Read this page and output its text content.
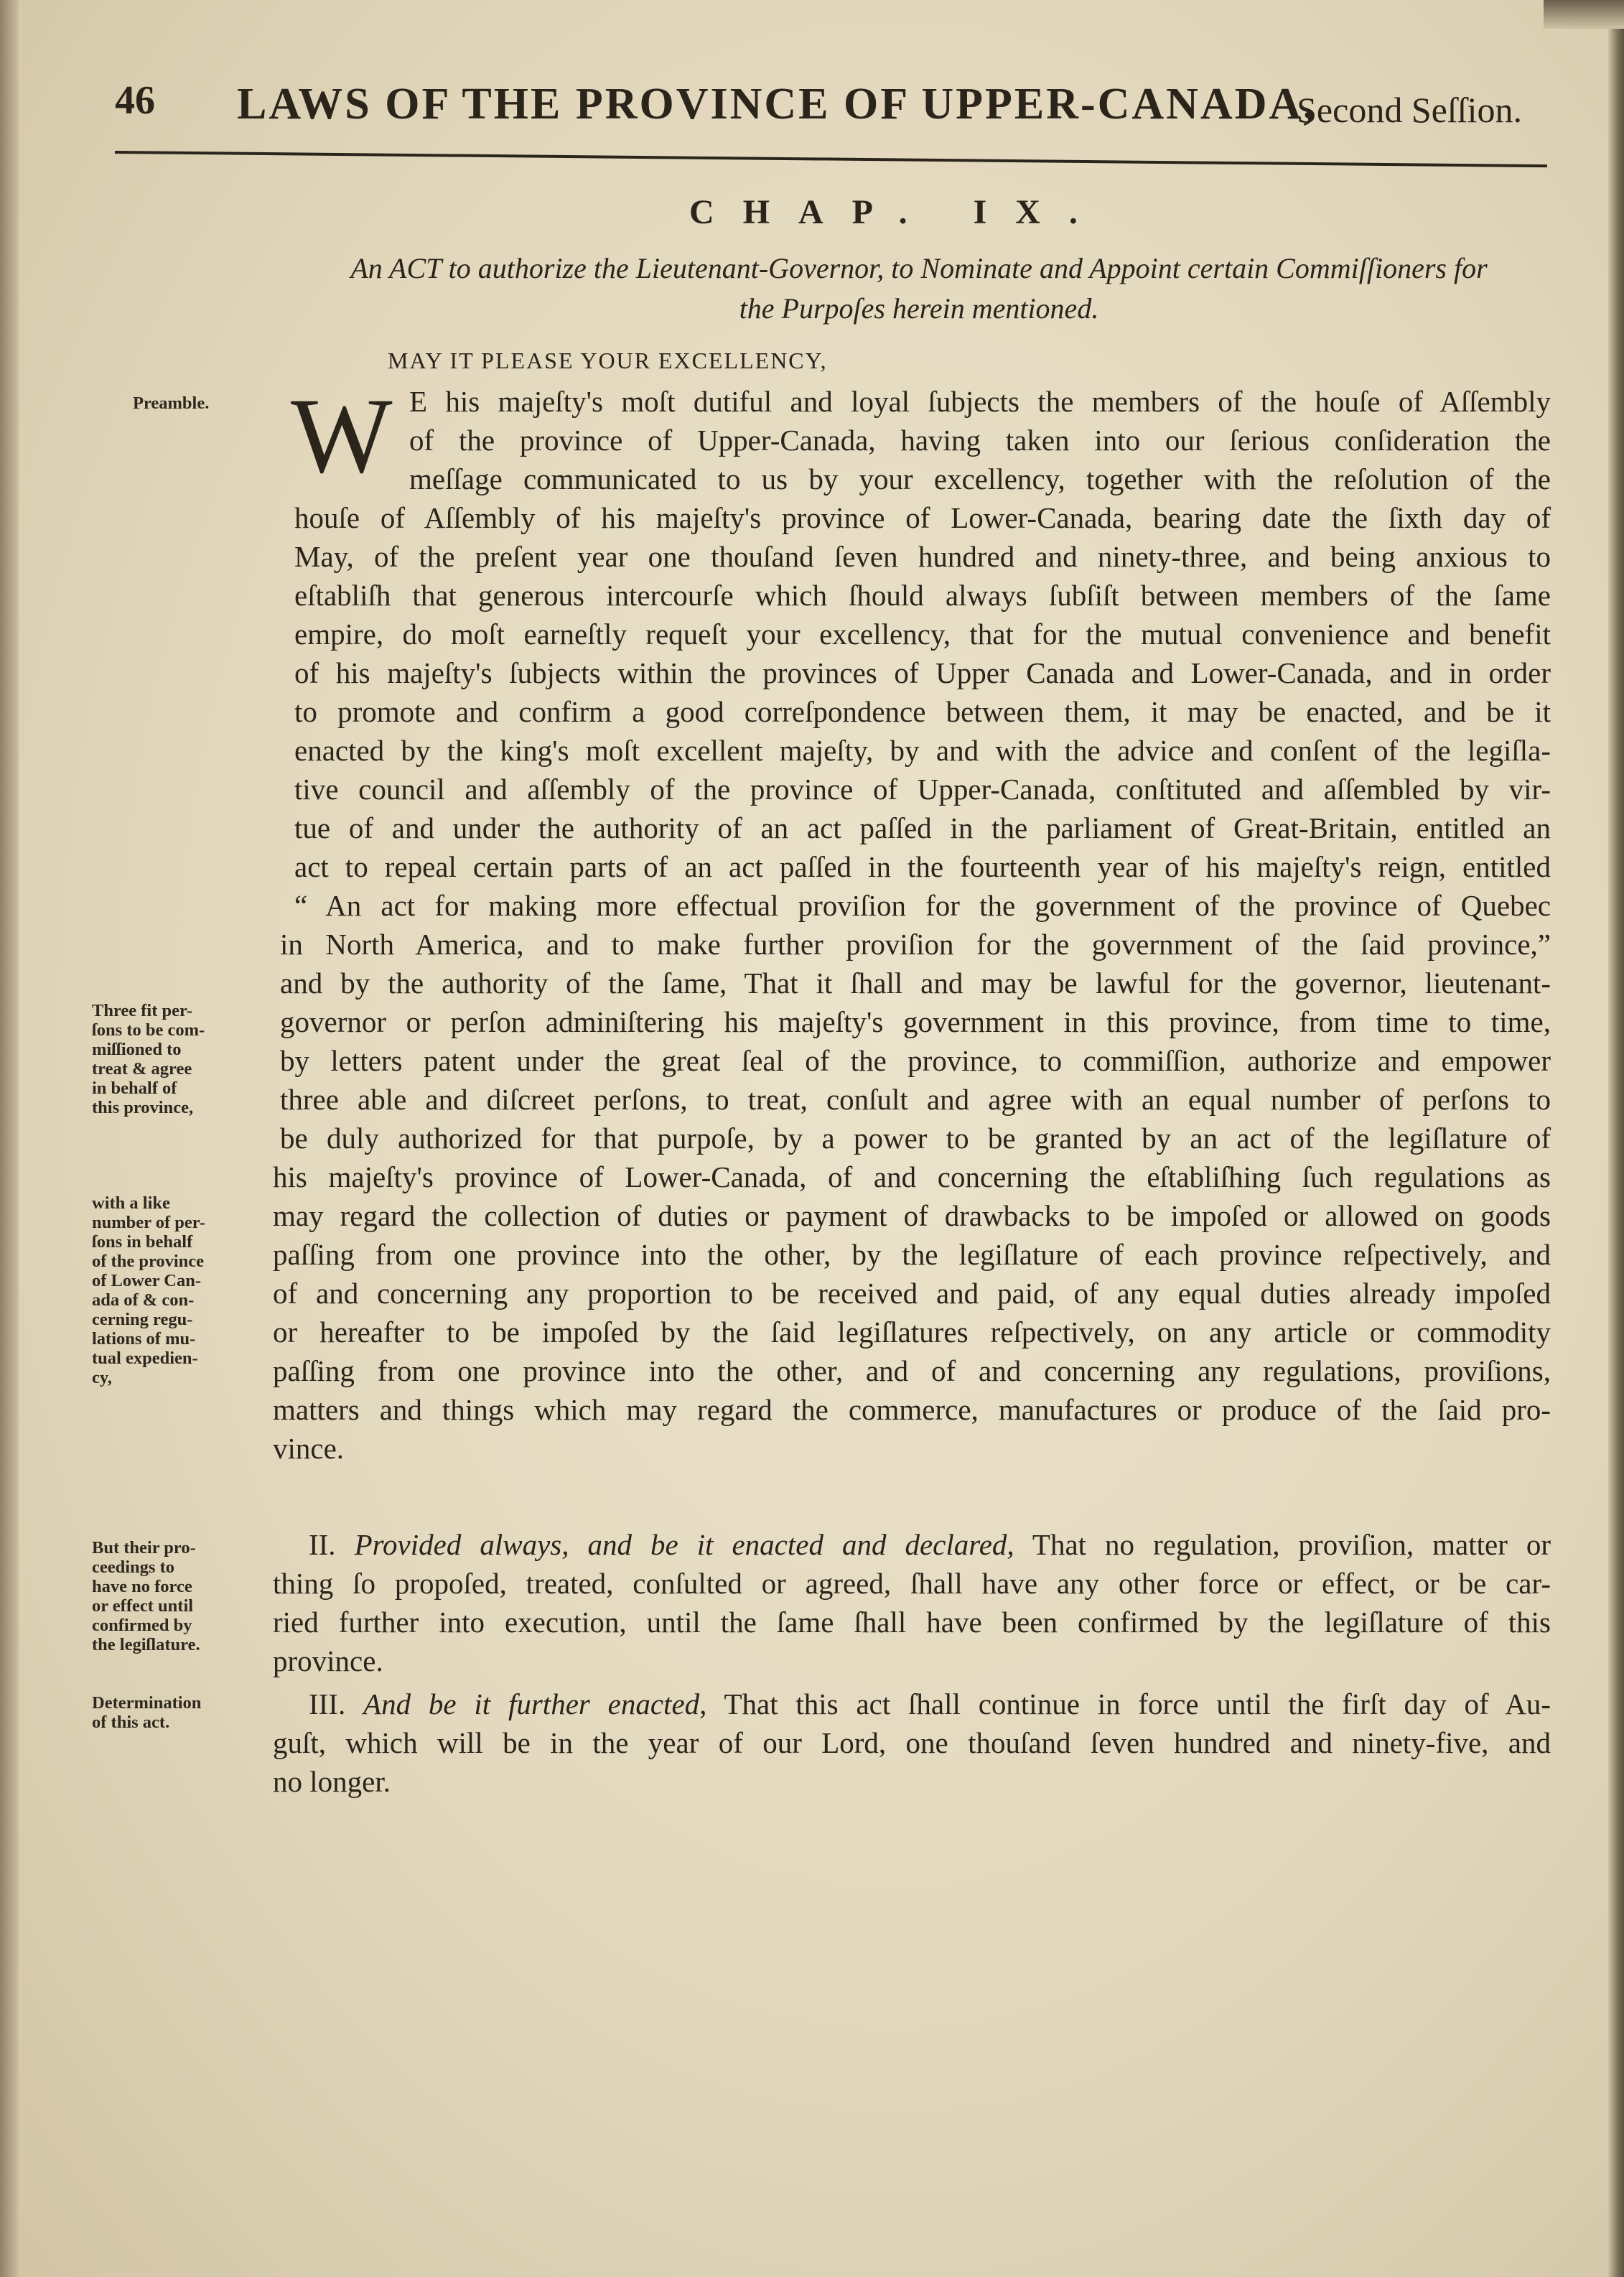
46 LAWS OF THE PROVINCE OF UPPER-CANADA,
Second Seſſion.
CHAP. IX.
An ACT to authorize the Lieutenant-Governor, to Nominate and Appoint certain Commiſſioners for
the Purpoſes herein mentioned.
MAY IT PLEASE YOUR EXCELLENCY,
Preamble.
Three fit per-
ſons to be com-
miſſioned to
treat & agree
in behalf of
this province,
with a like
number of per-
ſons in behalf
of the province
of Lower Can-
ada of & con-
cerning regu-
lations of mu-
tual expedien-
cy,
But their pro-
ceedings to
have no force
or effect until
confirmed by
the legiſlature.
Determination
of this act.
W E his majeſty's moſt dutiful and loyal ſubjects the members of the houſe of Aſſembly
of the province of Upper-Canada, having taken into our ſerious conſideration the
meſſage communicated to us by your excellency, together with the reſolution of the
houſe of Aſſembly of his majeſty's province of Lower-Canada, bearing date the ſixth day of
May, of the preſent year one thouſand ſeven hundred and ninety-three, and being anxious to
eſtabliſh that generous intercourſe which ſhould always ſubſiſt between members of the ſame
empire, do moſt earneſtly requeſt your excellency, that for the mutual convenience and benefit
of his majeſty's ſubjects within the provinces of Upper Canada and Lower-Canada, and in order
to promote and confirm a good correſpondence between them, it may be enacted, and be it
enacted by the king's moſt excellent majeſty, by and with the advice and conſent of the legiſla-
tive council and aſſembly of the province of Upper-Canada, conſtituted and aſſembled by vir-
tue of and under the authority of an act paſſed in the parliament of Great-Britain, entitled an
act to repeal certain parts of an act paſſed in the fourteenth year of his majeſty's reign, entitled
“ An act for making more effectual proviſion for the government of the province of Quebec
in North America, and to make further proviſion for the government of the ſaid province,”
and by the authority of the ſame, That it ſhall and may be lawful for the governor, lieutenant-
governor or perſon adminiſtering his majeſty's government in this province, from time to time,
by letters patent under the great ſeal of the province, to commiſſion, authorize and empower
three able and diſcreet perſons, to treat, conſult and agree with an equal number of perſons to
be duly authorized for that purpoſe, by a power to be granted by an act of the legiſlature of
his majeſty's province of Lower-Canada, of and concerning the eſtabliſhing ſuch regulations as
may regard the collection of duties or payment of drawbacks to be impoſed or allowed on goods
paſſing from one province into the other, by the legiſlature of each province reſpectively, and
of and concerning any proportion to be received and paid, of any equal duties already impoſed
or hereafter to be impoſed by the ſaid legiſlatures reſpectively, on any article or commodity
paſſing from one province into the other, and of and concerning any regulations, proviſions,
matters and things which may regard the commerce, manufactures or produce of the ſaid pro-
vince.
II. Provided always, and be it enacted and declared, That no regulation, proviſion, matter or
thing ſo propoſed, treated, conſulted or agreed, ſhall have any other force or effect, or be car-
ried further into execution, until the ſame ſhall have been confirmed by the legiſlature of this
province.
III. And be it further enacted, That this act ſhall continue in force until the firſt day of Au-
guſt, which will be in the year of our Lord, one thouſand ſeven hundred and ninety-five, and
no longer.
